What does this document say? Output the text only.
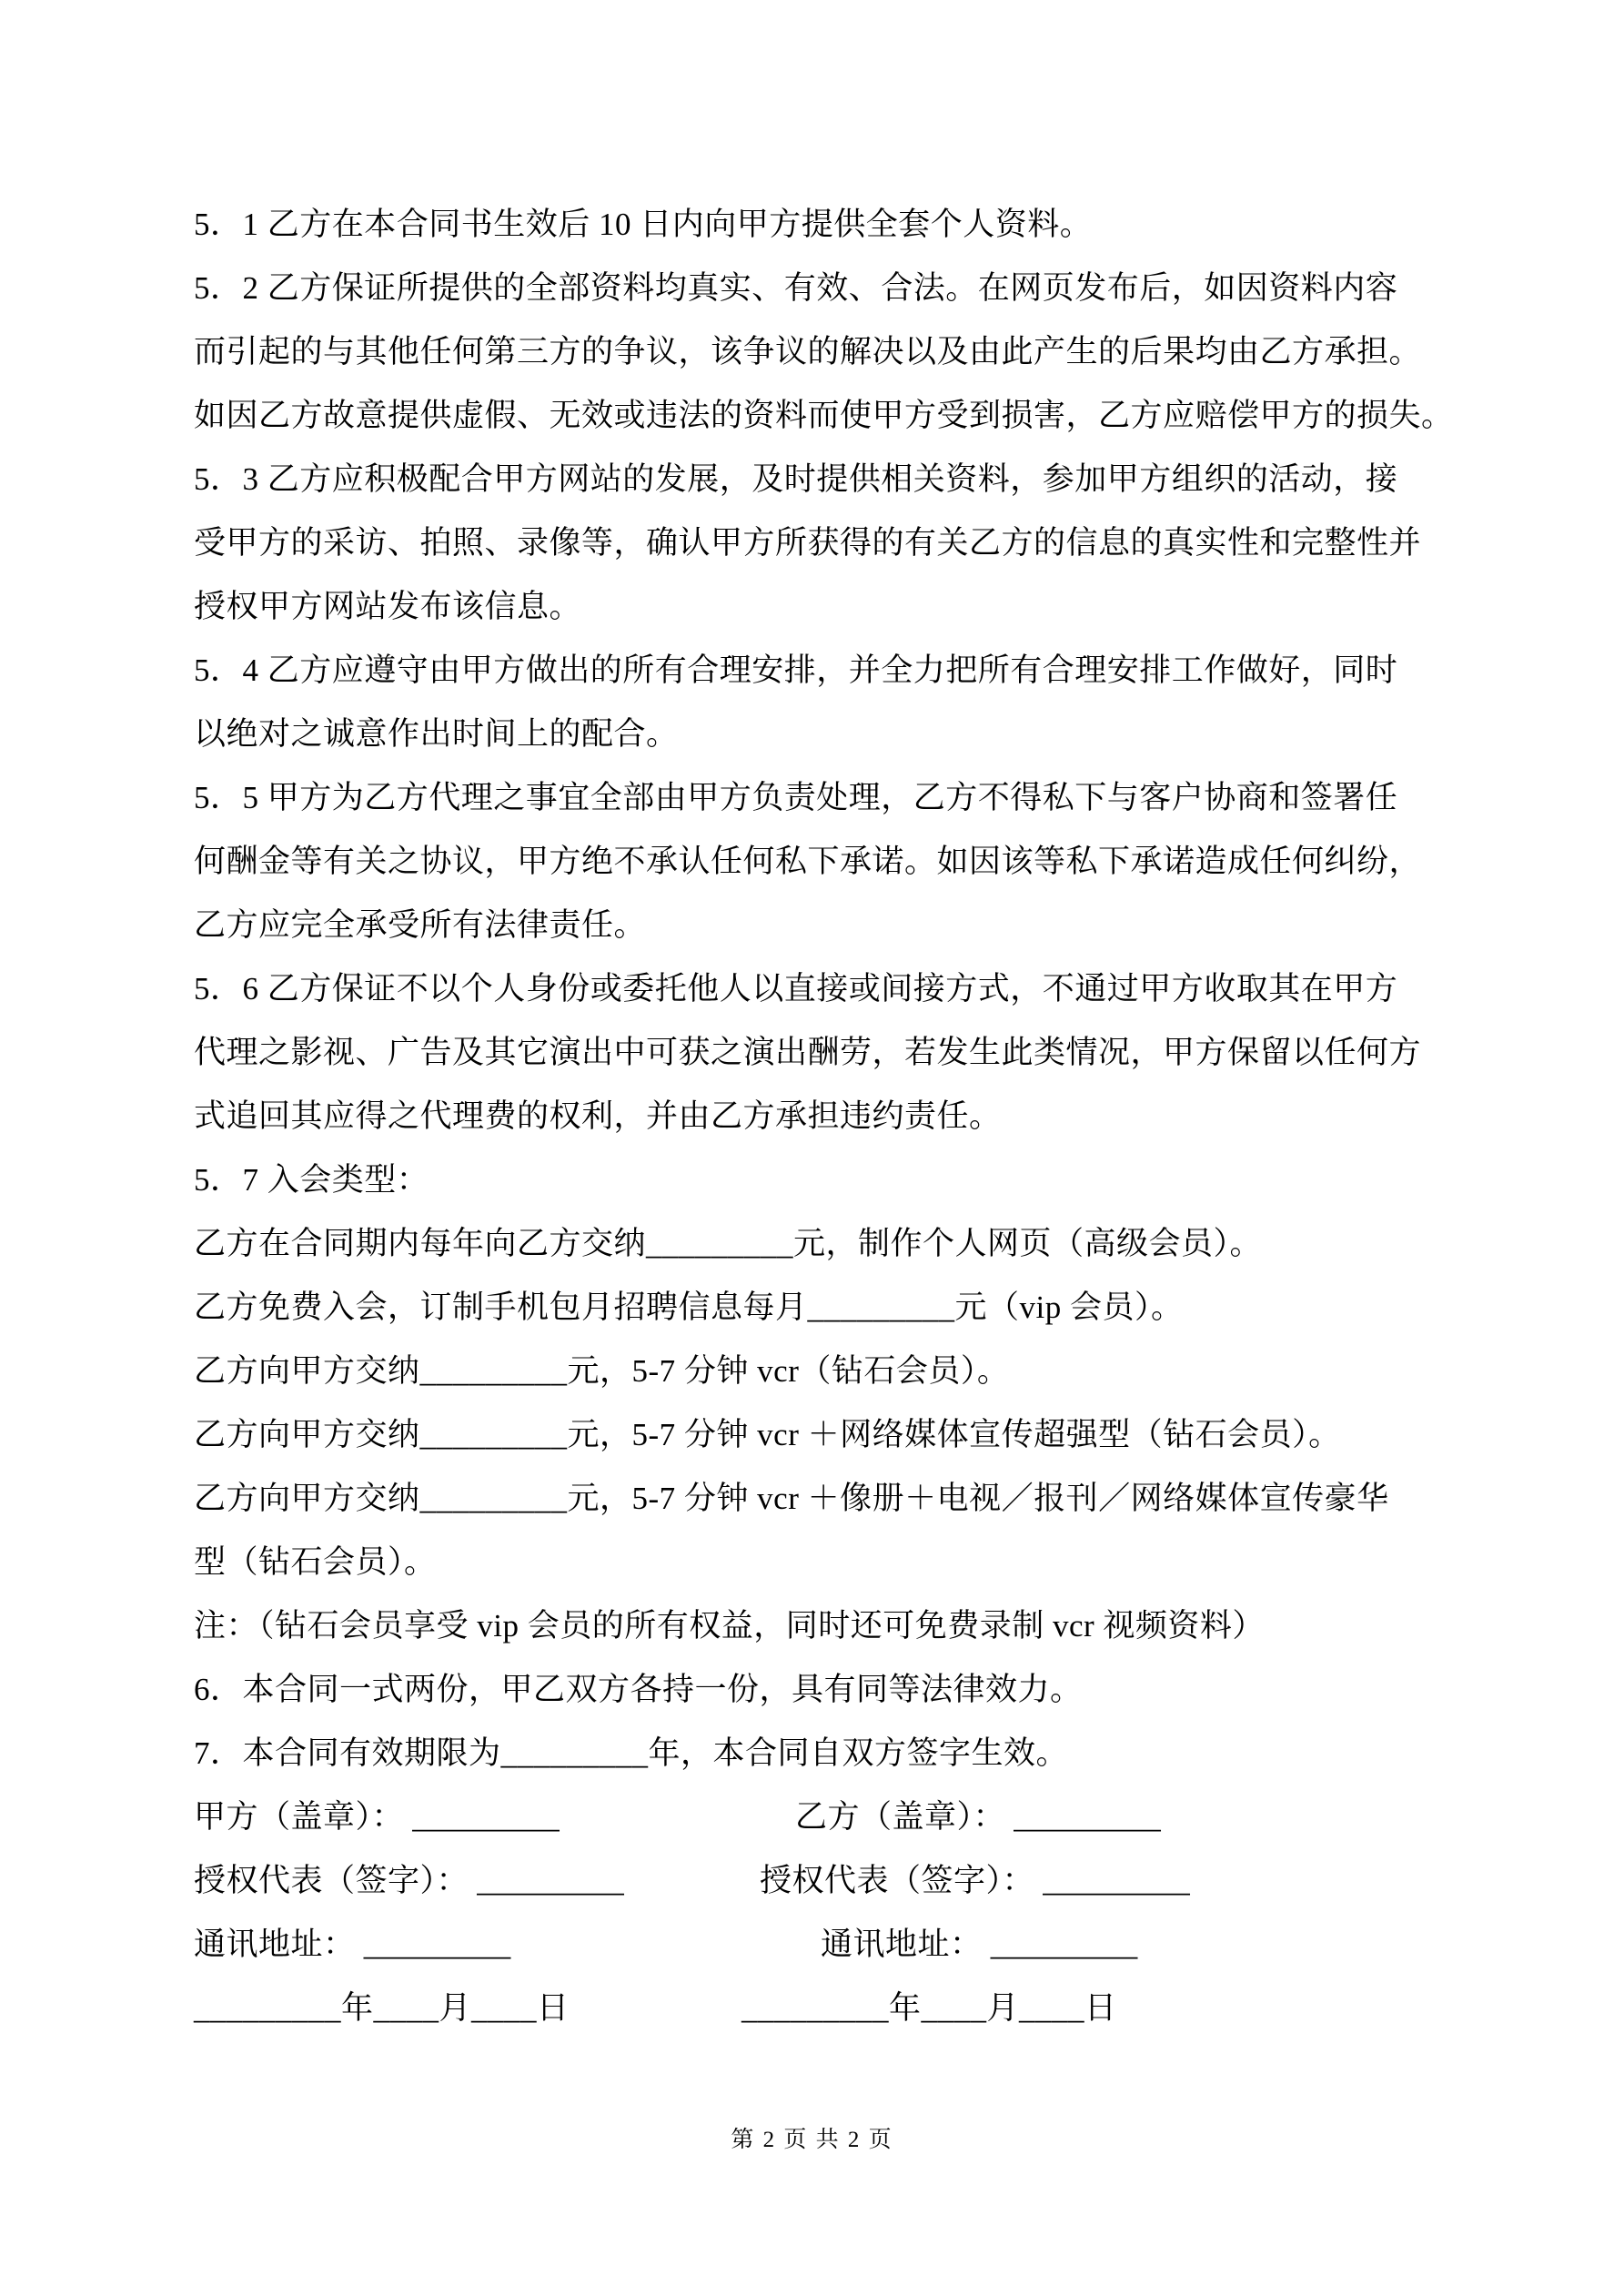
5．1 乙方在本合同书生效后 10 日内向甲方提供全套个人资料。
5．2 乙方保证所提供的全部资料均真实、有效、合法。在网页发布后，如因资料内容
而引起的与其他任何第三方的争议，该争议的解决以及由此产生的后果均由乙方承担。
如因乙方故意提供虚假、无效或违法的资料而使甲方受到损害，乙方应赔偿甲方的损失。
5．3 乙方应积极配合甲方网站的发展，及时提供相关资料，参加甲方组织的活动，接
受甲方的采访、拍照、录像等，确认甲方所获得的有关乙方的信息的真实性和完整性并
授权甲方网站发布该信息。
5．4 乙方应遵守由甲方做出的所有合理安排，并全力把所有合理安排工作做好，同时
以绝对之诚意作出时间上的配合。
5．5 甲方为乙方代理之事宜全部由甲方负责处理，乙方不得私下与客户协商和签署任
何酬金等有关之协议，甲方绝不承认任何私下承诺。如因该等私下承诺造成任何纠纷，
乙方应完全承受所有法律责任。
5．6 乙方保证不以个人身份或委托他人以直接或间接方式，不通过甲方收取其在甲方
代理之影视、广告及其它演出中可获之演出酬劳，若发生此类情况，甲方保留以任何方
式追回其应得之代理费的权利，并由乙方承担违约责任。
5．7 入会类型：
乙方在合同期内每年向乙方交纳_________元，制作个人网页（高级会员）。
乙方免费入会，订制手机包月招聘信息每月_________元（vip 会员）。
乙方向甲方交纳_________元，5-7 分钟 vcr（钻石会员）。
乙方向甲方交纳_________元，5-7 分钟 vcr ＋网络媒体宣传超强型（钻石会员）。
乙方向甲方交纳_________元，5-7 分钟 vcr ＋像册＋电视／报刊／网络媒体宣传豪华
型（钻石会员）。
注：（钻石会员享受 vip 会员的所有权益，同时还可免费录制 vcr 视频资料）
6．本合同一式两份，甲乙双方各持一份，具有同等法律效力。
7．本合同有效期限为_________年，本合同自双方签字生效。
甲方（盖章）： _________	乙方（盖章）： _________
授权代表（签字）： _________	授权代表（签字）： _________
通讯地址： _________	通讯地址： _________
_________年____月____日	_________年____月____日
第 2 页 共 2 页
